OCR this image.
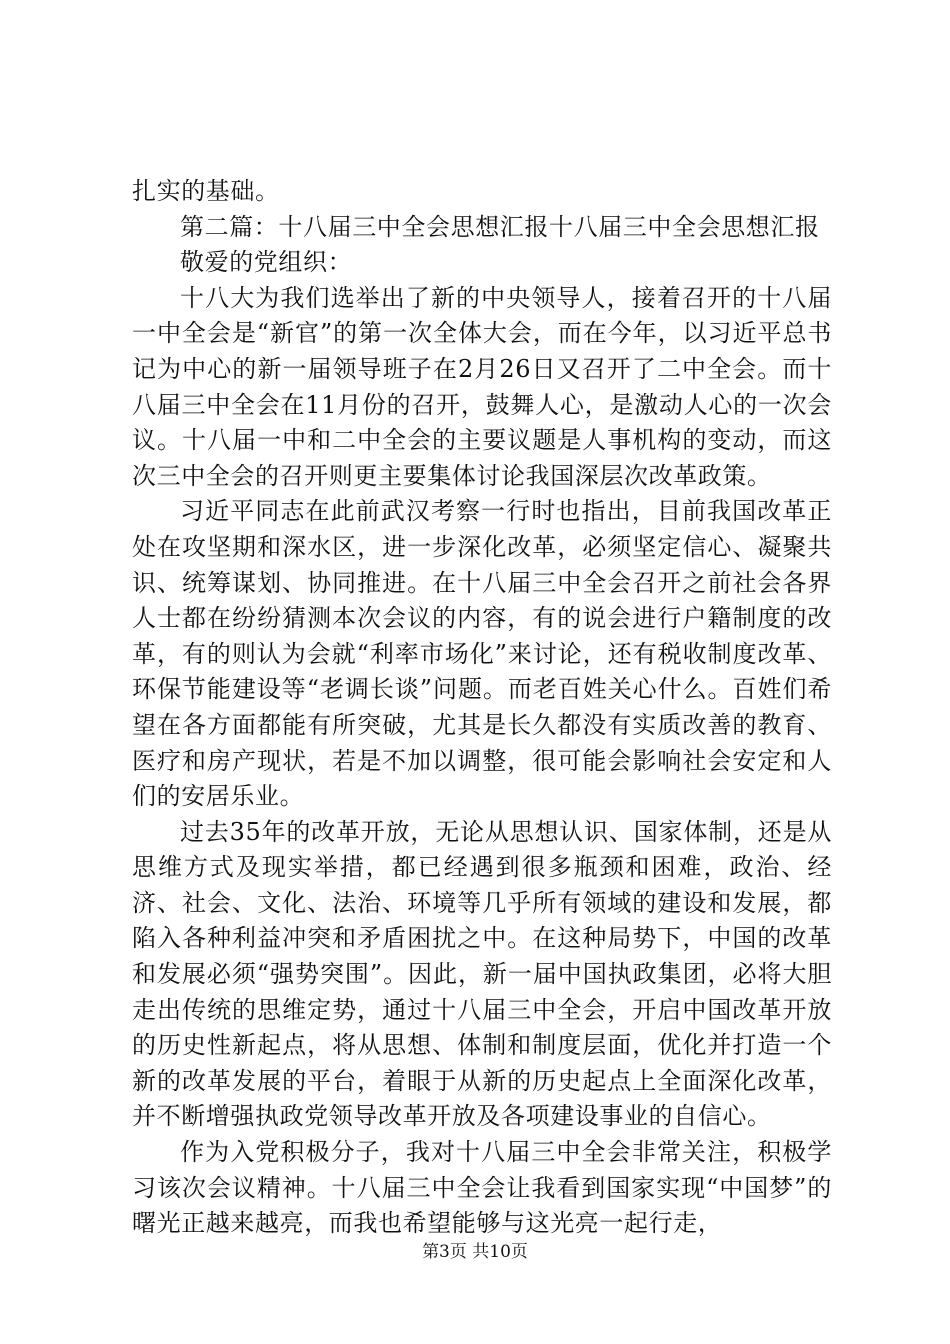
扎实的基础。

第二篇：十八届三中全会思想汇报十八届三中全会思想汇报

敬爱的党组织：

十八大为我们选举出了新的中央领导人，接着召开的十八届一中全会是“新官”的第一次全体大会，而在今年，以习近平总书记为中心的新一届领导班子在2月26日又召开了二中全会。而十八届三中全会在11月份的召开，鼓舞人心，是激动人心的一次会议。十八届一中和二中全会的主要议题是人事机构的变动，而这次三中全会的召开则更主要集体讨论我国深层次改革政策。

习近平同志在此前武汉考察一行时也指出，目前我国改革正处在攻坚期和深水区，进一步深化改革，必须坚定信心、凝聚共识、统筹谋划、协同推进。在十八届三中全会召开之前社会各界人士都在纷纷猜测本次会议的内容，有的说会进行户籍制度的改革，有的则认为会就“利率市场化”来讨论，还有税收制度改革、环保节能建设等“老调长谈”问题。而老百姓关心什么。百姓们希望在各方面都能有所突破，尤其是长久都没有实质改善的教育、医疗和房产现状，若是不加以调整，很可能会影响社会安定和人们的安居乐业。

过去35年的改革开放，无论从思想认识、国家体制，还是从思维方式及现实举措，都已经遇到很多瓶颈和困难，政治、经济、社会、文化、法治、环境等几乎所有领域的建设和发展，都陷入各种利益冲突和矛盾困扰之中。在这种局势下，中国的改革和发展必须“强势突围”。因此，新一届中国执政集团，必将大胆走出传统的思维定势，通过十八届三中全会，开启中国改革开放的历史性新起点，将从思想、体制和制度层面，优化并打造一个新的改革发展的平台，着眼于从新的历史起点上全面深化改革，并不断增强执政党领导改革开放及各项建设事业的自信心。

作为入党积极分子，我对十八届三中全会非常关注，积极学习该次会议精神。十八届三中全会让我看到国家实现“中国梦”的曙光正越来越亮，而我也希望能够与这光亮一起行走，

第3页 共10页
